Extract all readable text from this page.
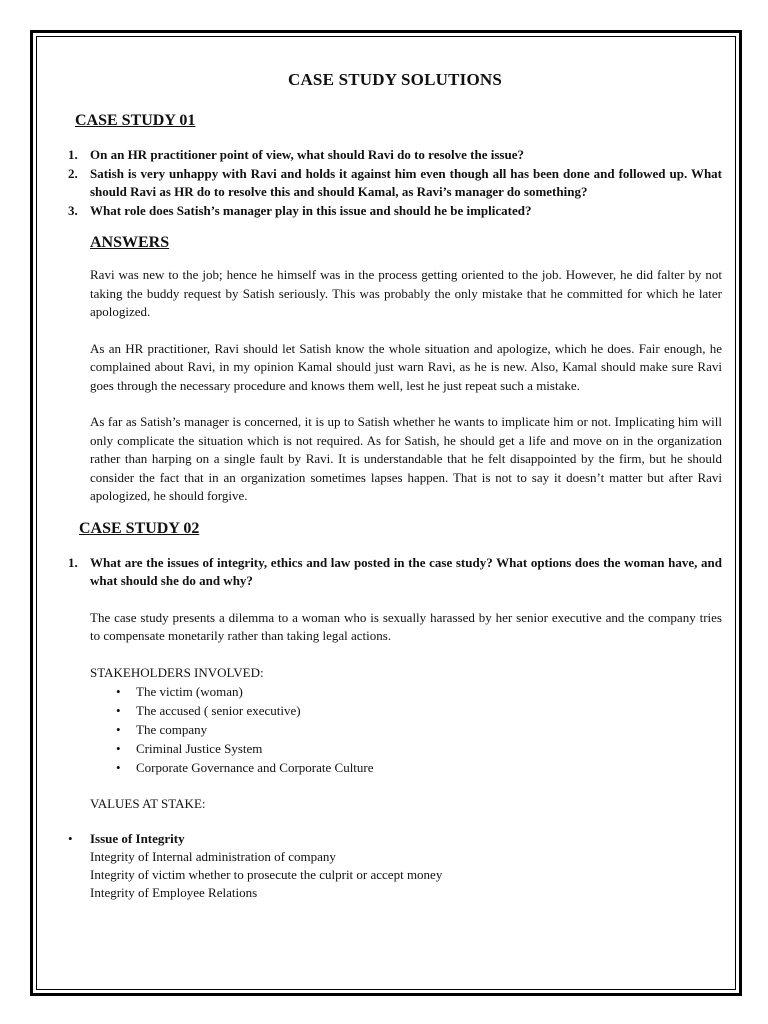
CASE STUDY SOLUTIONS
CASE STUDY 01
1. On an HR practitioner point of view, what should Ravi do to resolve the issue?
2. Satish is very unhappy with Ravi and holds it against him even though all has been done and followed up. What should Ravi as HR do to resolve this and should Kamal, as Ravi’s manager do something?
3. What role does Satish’s manager play in this issue and should he be implicated?
ANSWERS

Ravi was new to the job; hence he himself was in the process getting oriented to the job. However, he did falter by not taking the buddy request by Satish seriously. This was probably the only mistake that he committed for which he later apologized.

As an HR practitioner, Ravi should let Satish know the whole situation and apologize, which he does. Fair enough, he complained about Ravi, in my opinion Kamal should just warn Ravi, as he is new. Also, Kamal should make sure Ravi goes through the necessary procedure and knows them well, lest he just repeat such a mistake.

As far as Satish’s manager is concerned, it is up to Satish whether he wants to implicate him or not. Implicating him will only complicate the situation which is not required. As for Satish, he should get a life and move on in the organization rather than harping on a single fault by Ravi. It is understandable that he felt disappointed by the firm, but he should consider the fact that in an organization sometimes lapses happen. That is not to say it doesn’t matter but after Ravi apologized, he should forgive.

CASE STUDY 02
1. What are the issues of integrity, ethics and law posted in the case study? What options does the woman have, and what should she do and why?

The case study presents a dilemma to a woman who is sexually harassed by her senior executive and the company tries to compensate monetarily rather than taking legal actions.

STAKEHOLDERS INVOLVED:

• The victim (woman)
• The accused ( senior executive)
• The company
• Criminal Justice System
• Corporate Governance and Corporate Culture

VALUES AT STAKE:

• Issue of Integrity
Integrity of Internal administration of company
Integrity of victim whether to prosecute the culprit or accept money
Integrity of Employee Relations
